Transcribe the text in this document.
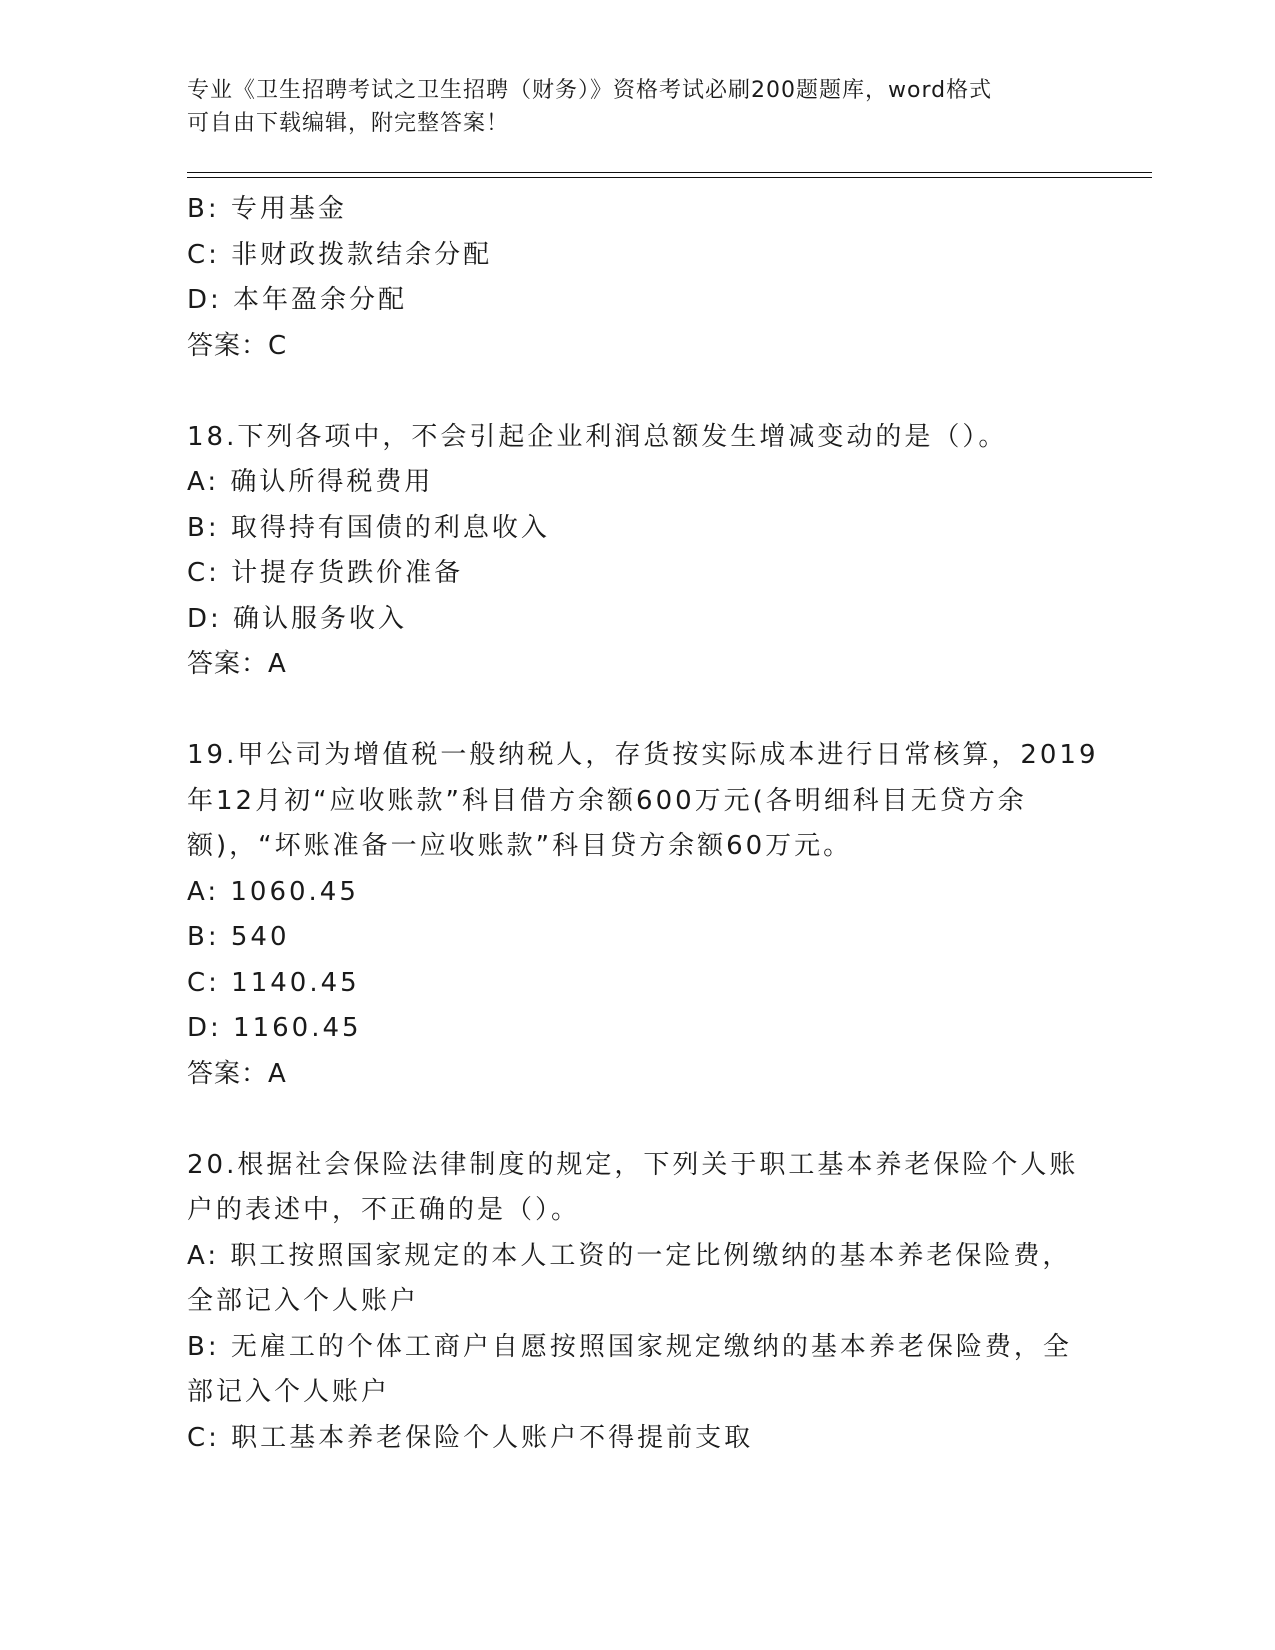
专业《卫生招聘考试之卫生招聘（财务）》资格考试必刷200题题库，word格式
可自由下载编辑，附完整答案！
B: 专用基金
C: 非财政拨款结余分配
D: 本年盈余分配
答案：C
18.下列各项中，不会引起企业利润总额发生增减变动的是（）。
A: 确认所得税费用
B: 取得持有国债的利息收入
C: 计提存货跌价准备
D: 确认服务收入
答案：A
19.甲公司为增值税一般纳税人，存货按实际成本进行日常核算，2019
年12月初“应收账款”科目借方余额600万元(各明细科目无贷方余
额)，“坏账准备一应收账款”科目贷方余额60万元。
A: 1060.45
B: 540
C: 1140.45
D: 1160.45
答案：A
20.根据社会保险法律制度的规定，下列关于职工基本养老保险个人账
户的表述中，不正确的是（）。
A: 职工按照国家规定的本人工资的一定比例缴纳的基本养老保险费，
全部记入个人账户
B: 无雇工的个体工商户自愿按照国家规定缴纳的基本养老保险费，全
部记入个人账户
C: 职工基本养老保险个人账户不得提前支取
